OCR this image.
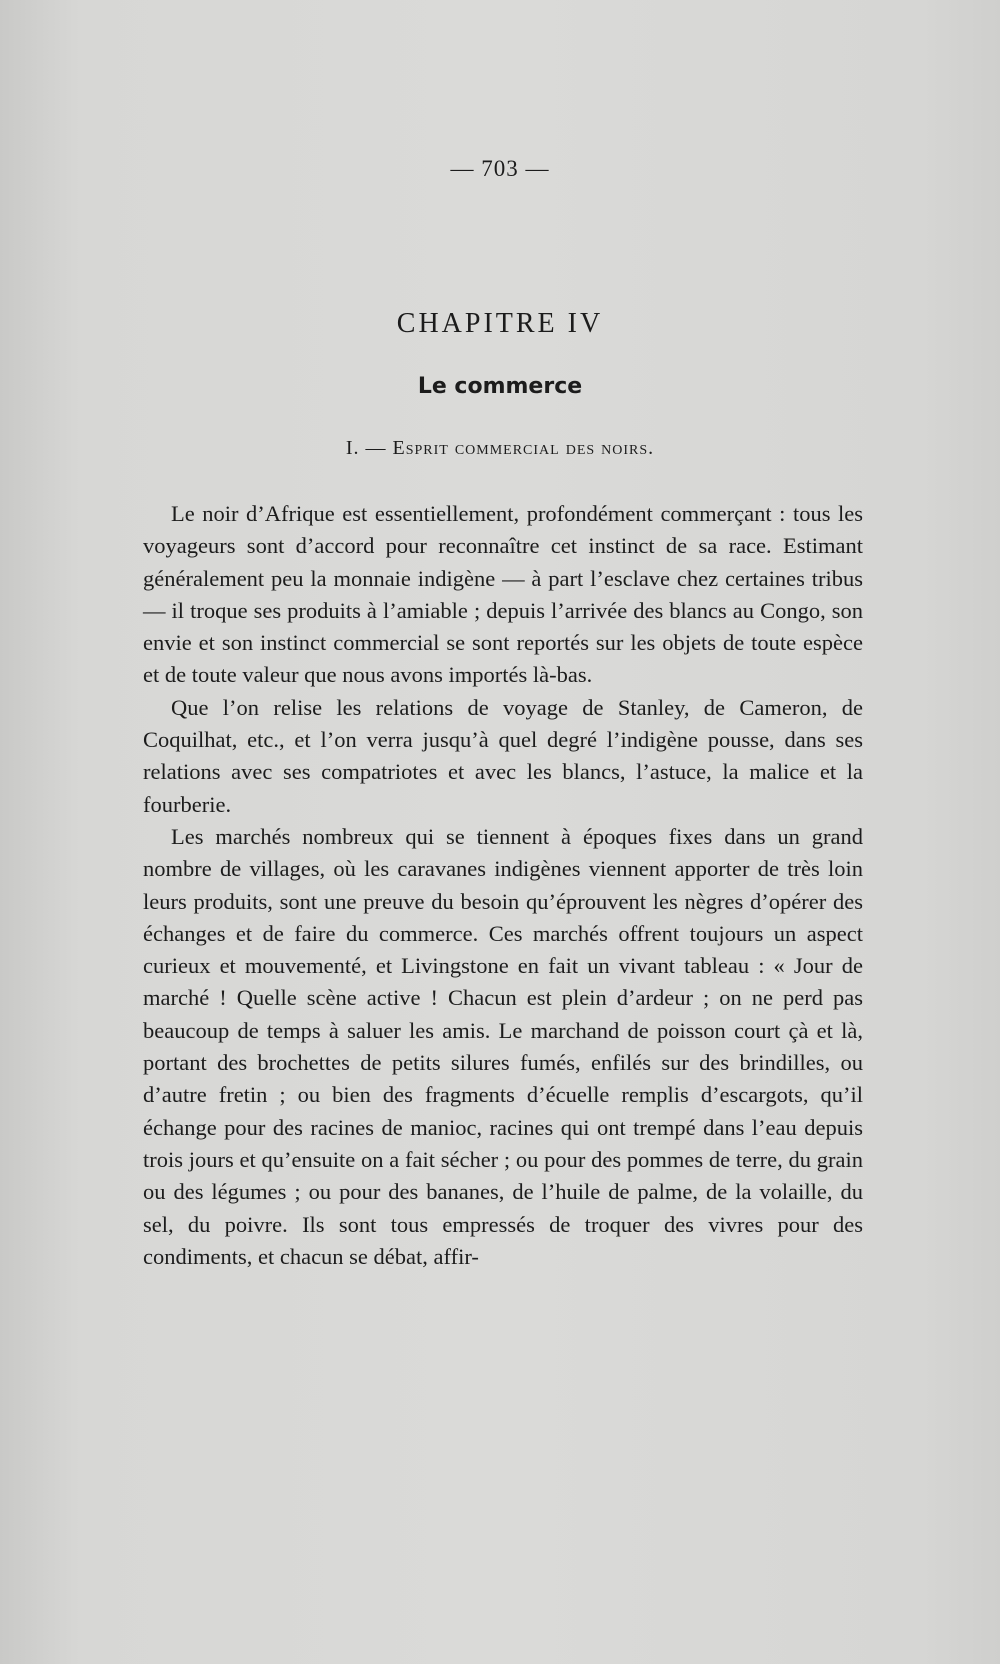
— 703 —
CHAPITRE IV
Le commerce
I. — Esprit commercial des noirs.

Le noir d’Afrique est essentiellement, profondément commerçant : tous les voyageurs sont d’accord pour reconnaître cet instinct de sa race. Estimant généralement peu la monnaie indigène — à part l’esclave chez certaines tribus — il troque ses produits à l’amiable ; depuis l’arrivée des blancs au Congo, son envie et son instinct commercial se sont reportés sur les objets de toute espèce et de toute valeur que nous avons importés là-bas.

Que l’on relise les relations de voyage de Stanley, de Cameron, de Coquilhat, etc., et l’on verra jusqu’à quel degré l’indigène pousse, dans ses relations avec ses compatriotes et avec les blancs, l’astuce, la malice et la fourberie.

Les marchés nombreux qui se tiennent à époques fixes dans un grand nombre de villages, où les caravanes indigènes viennent apporter de très loin leurs produits, sont une preuve du besoin qu’éprouvent les nègres d’opérer des échanges et de faire du commerce. Ces marchés offrent toujours un aspect curieux et mouvementé, et Livingstone en fait un vivant tableau : « Jour de marché ! Quelle scène active ! Chacun est plein d’ardeur ; on ne perd pas beaucoup de temps à saluer les amis. Le marchand de poisson court çà et là, portant des brochettes de petits silures fumés, enfilés sur des brindilles, ou d’autre fretin ; ou bien des fragments d’écuelle remplis d’escargots, qu’il échange pour des racines de manioc, racines qui ont trempé dans l’eau depuis trois jours et qu’ensuite on a fait sécher ; ou pour des pommes de terre, du grain ou des légumes ; ou pour des bananes, de l’huile de palme, de la volaille, du sel, du poivre. Ils sont tous empressés de troquer des vivres pour des condiments, et chacun se débat, affir-
